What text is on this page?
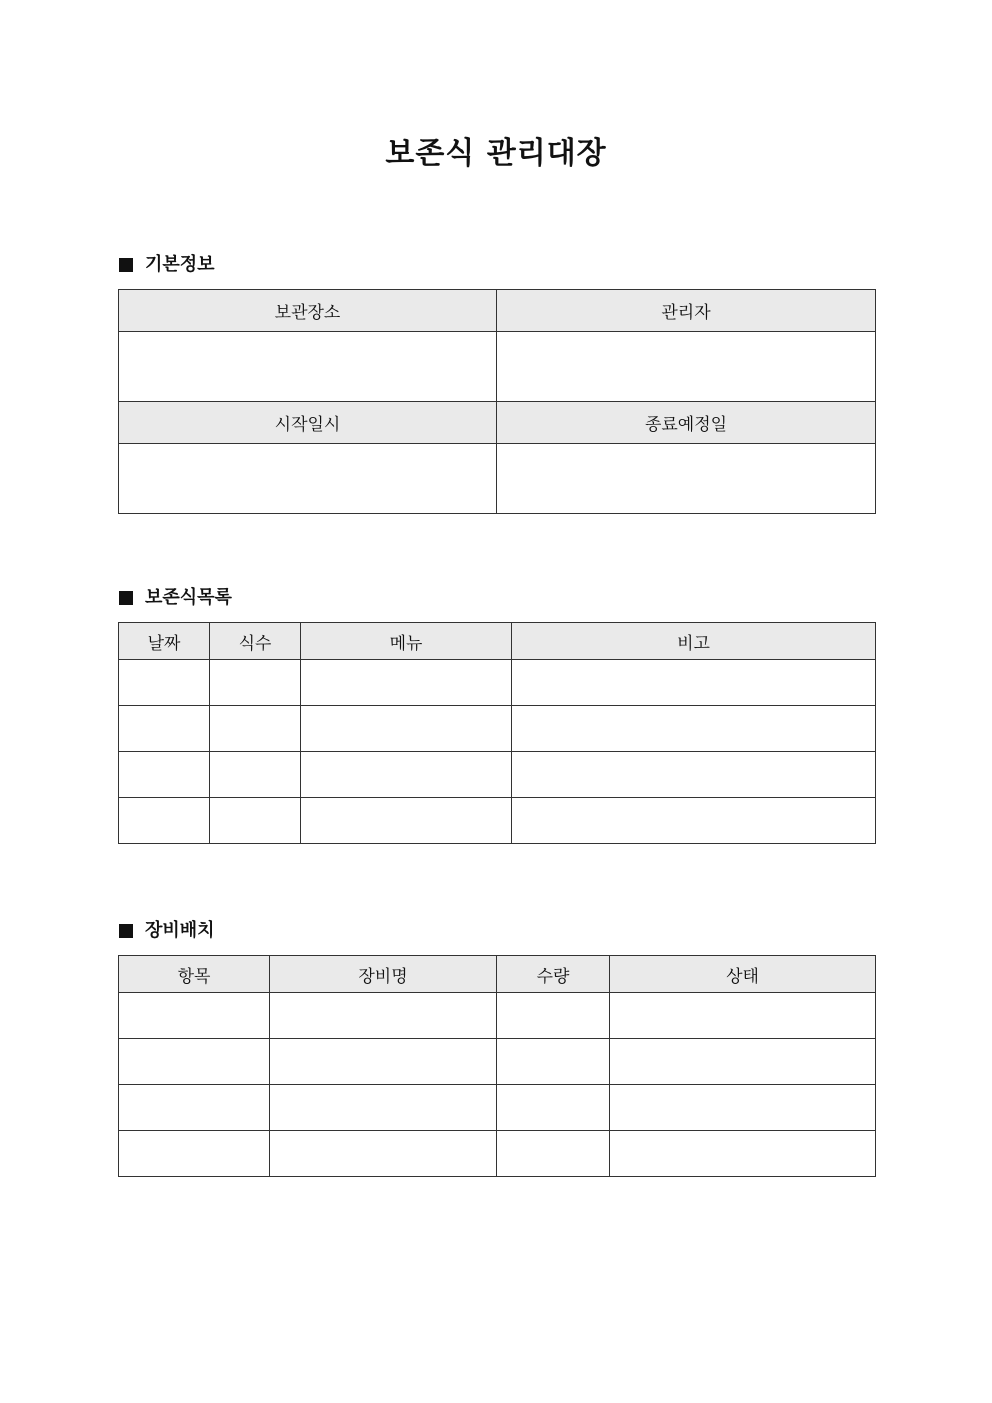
보존식 관리대장
기본정보
보관장소	관리자

시작일시	종료예정일

보존식목록
날짜	식수	메뉴	비고

장비배치
항목	장비명	수량	상태
